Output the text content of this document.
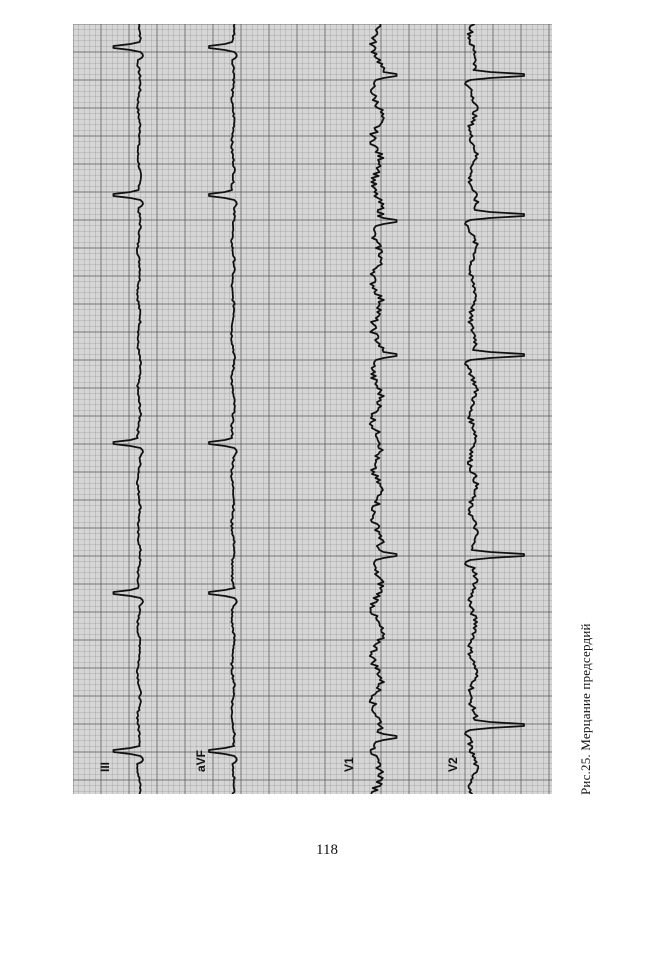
III	aVF	V1	V2	Рис.25. Мерцание предсердий
118
